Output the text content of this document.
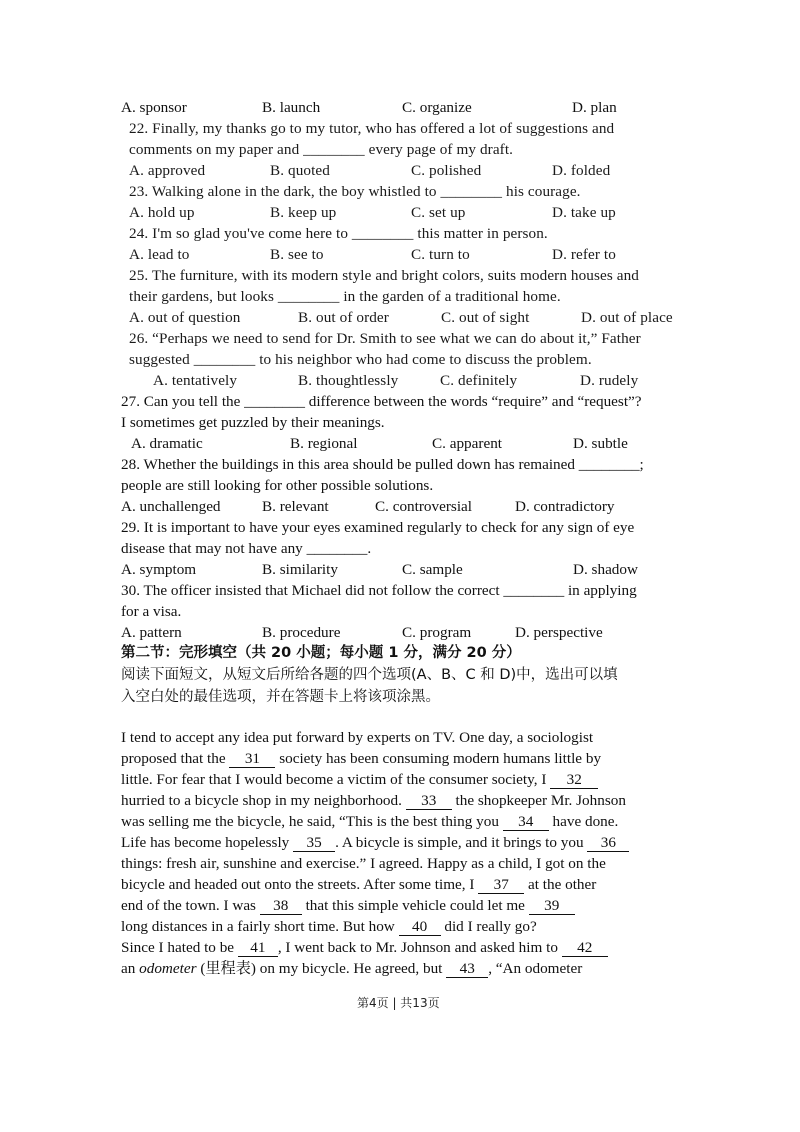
A. sponsor	B. launch	C. organize	D. plan
22. Finally, my thanks go to my tutor, who has offered a lot of suggestions and
comments on my paper and ________ every page of my draft.
A. approved	B. quoted	C. polished	D. folded
23. Walking alone in the dark, the boy whistled to ________ his courage.
A. hold up	B. keep up	C. set up	D. take up
24. I'm so glad you've come here to ________ this matter in person.
A. lead to	B. see to	C. turn to	D. refer to
25. The furniture, with its modern style and bright colors, suits modern houses and
their gardens, but looks ________ in the garden of a traditional home.
A. out of question	B. out of order	C. out of sight	D. out of place
26. “Perhaps we need to send for Dr. Smith to see what we can do about it,” Father
suggested ________ to his neighbor who had come to discuss the problem.
A. tentatively	B. thoughtlessly	C. definitely	D. rudely
27. Can you tell the ________ difference between the words “require” and “request”?
I sometimes get puzzled by their meanings.
A. dramatic	B. regional	C. apparent	D. subtle
28. Whether the buildings in this area should be pulled down has remained ________;
people are still looking for other possible solutions.
A. unchallenged	B. relevant	C. controversial	D. contradictory
29. It is important to have your eyes examined regularly to check for any sign of eye
disease that may not have any ________.
A. symptom	B. similarity	C. sample	D. shadow
30. The officer insisted that Michael did not follow the correct ________ in applying
for a visa.
A. pattern	B. procedure	C. program	D. perspective
第二节：完形填空（共 20 小题；每小题 1 分，满分 20 分）
阅读下面短文，从短文后所给各题的四个选项(A、B、C 和 D)中，选出可以填
入空白处的最佳选项，并在答题卡上将该项涂黑。
I tend to accept any idea put forward by experts on TV. One day, a sociologist
proposed that the 31 society has been consuming modern humans little by
little. For fear that I would become a victim of the consumer society, I 32
hurried to a bicycle shop in my neighborhood. 33 the shopkeeper Mr. Johnson
was selling me the bicycle, he said, “This is the best thing you 34 have done.
Life has become hopelessly 35 . A bicycle is simple, and it brings to you 36
things: fresh air, sunshine and exercise.” I agreed. Happy as a child, I got on the
bicycle and headed out onto the streets. After some time, I 37 at the other
end of the town. I was 38 that this simple vehicle could let me 39
long distances in a fairly short time. But how 40 did I really go?
Since I hated to be 41 , I went back to Mr. Johnson and asked him to 42
an odometer (里程表) on my bicycle. He agreed, but 43 , “An odometer
第4页 | 共13页
